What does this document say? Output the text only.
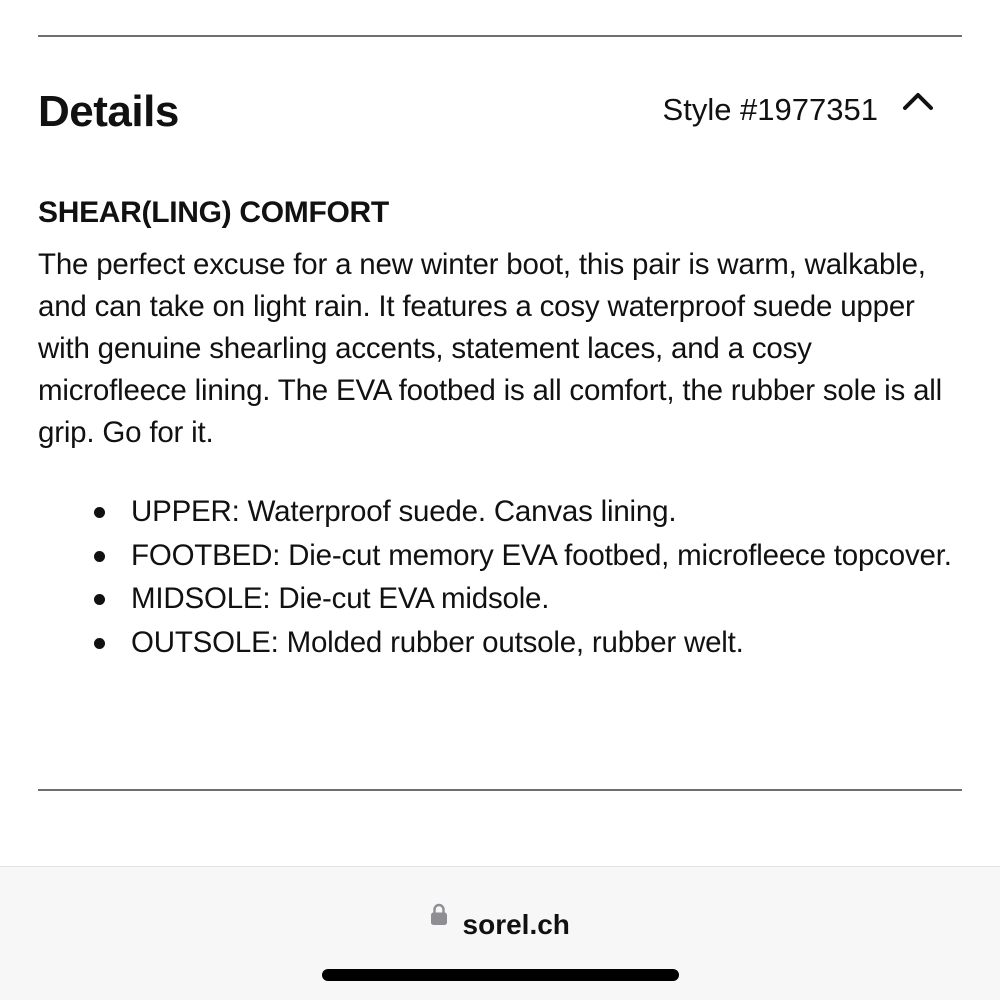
Details	Style #1977351
SHEAR(LING) COMFORT

The perfect excuse for a new winter boot, this pair is warm, walkable, and can take on light rain. It features a cosy waterproof suede upper with genuine shearling accents, statement laces, and a cosy microfleece lining. The EVA footbed is all comfort, the rubber sole is all grip. Go for it.

UPPER: Waterproof suede. Canvas lining.
FOOTBED: Die-cut memory EVA footbed, microfleece topcover.
MIDSOLE: Die-cut EVA midsole.
OUTSOLE: Molded rubber outsole, rubber welt.
sorel.ch
